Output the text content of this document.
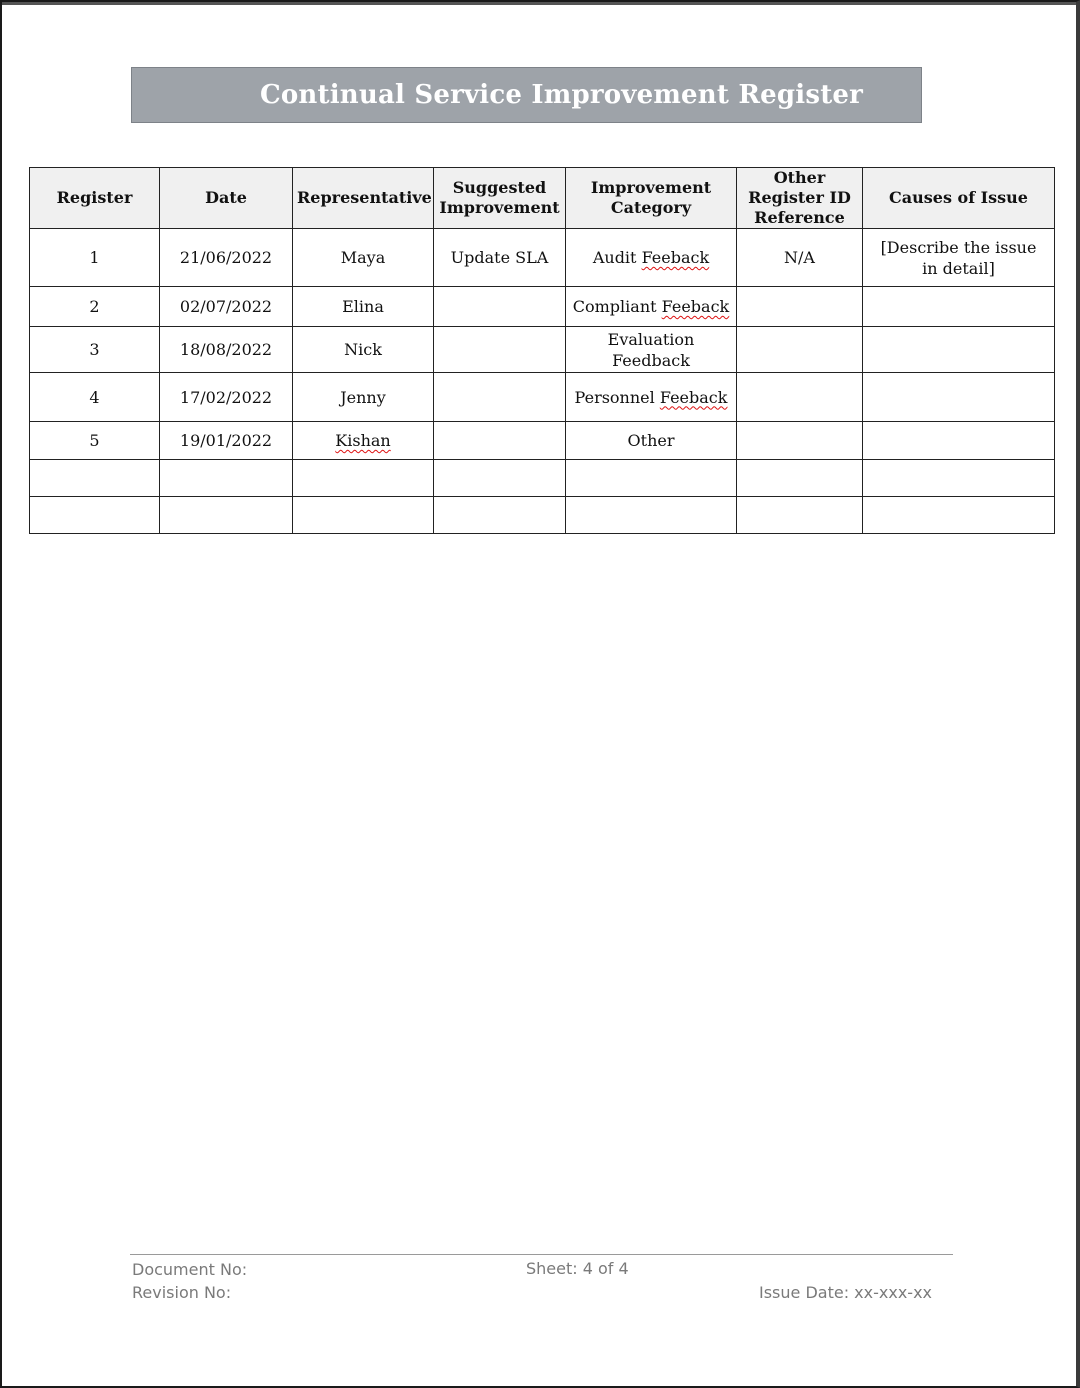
Continual Service Improvement Register
Register	Date	Representative	Suggested Improvement	Improvement Category	Other Register ID Reference	Causes of Issue
1	21/06/2022	Maya	Update SLA	Audit Feeback	N/A	[Describe the issue in detail]
2	02/07/2022	Elina		Compliant Feeback		
3	18/08/2022	Nick		Evaluation Feedback		
4	17/02/2022	Jenny		Personnel Feeback		
5	19/01/2022	Kishan		Other		

Document No:
Revision No:
Sheet: 4 of 4
Issue Date: xx-xxx-xx
